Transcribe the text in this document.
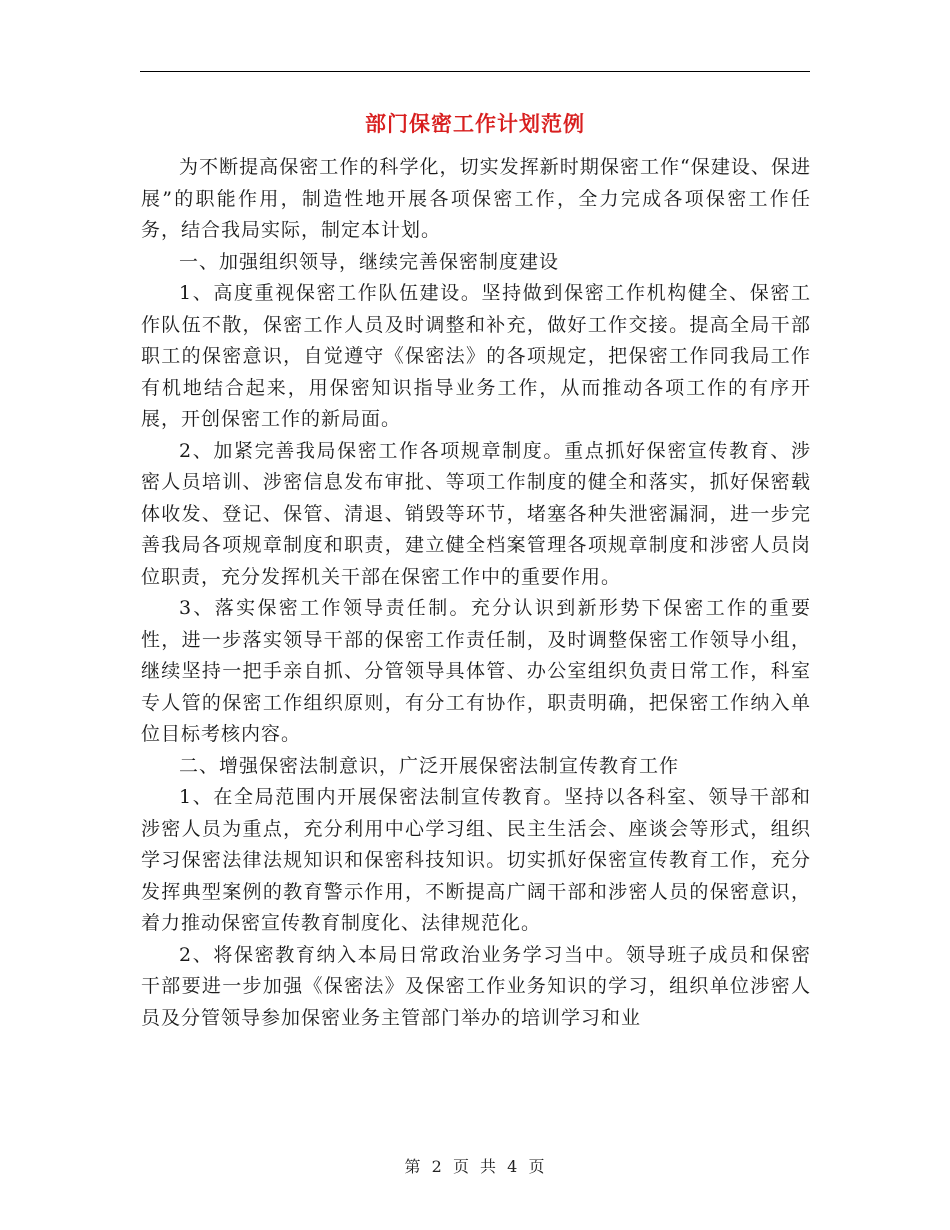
部门保密工作计划范例

为不断提高保密工作的科学化，切实发挥新时期保密工作“保建设、保进展”的职能作用，制造性地开展各项保密工作，全力完成各项保密工作任务，结合我局实际，制定本计划。

一、加强组织领导，继续完善保密制度建设

1、高度重视保密工作队伍建设。坚持做到保密工作机构健全、保密工作队伍不散，保密工作人员及时调整和补充，做好工作交接。提高全局干部职工的保密意识，自觉遵守《保密法》的各项规定，把保密工作同我局工作有机地结合起来，用保密知识指导业务工作，从而推动各项工作的有序开展，开创保密工作的新局面。

2、加紧完善我局保密工作各项规章制度。重点抓好保密宣传教育、涉密人员培训、涉密信息发布审批、等项工作制度的健全和落实，抓好保密载体收发、登记、保管、清退、销毁等环节，堵塞各种失泄密漏洞，进一步完善我局各项规章制度和职责，建立健全档案管理各项规章制度和涉密人员岗位职责，充分发挥机关干部在保密工作中的重要作用。

3、落实保密工作领导责任制。充分认识到新形势下保密工作的重要性，进一步落实领导干部的保密工作责任制，及时调整保密工作领导小组，继续坚持一把手亲自抓、分管领导具体管、办公室组织负责日常工作，科室专人管的保密工作组织原则，有分工有协作，职责明确，把保密工作纳入单位目标考核内容。

二、增强保密法制意识，广泛开展保密法制宣传教育工作

1、在全局范围内开展保密法制宣传教育。坚持以各科室、领导干部和涉密人员为重点，充分利用中心学习组、民主生活会、座谈会等形式，组织学习保密法律法规知识和保密科技知识。切实抓好保密宣传教育工作，充分发挥典型案例的教育警示作用，不断提高广阔干部和涉密人员的保密意识，着力推动保密宣传教育制度化、法律规范化。

2、将保密教育纳入本局日常政治业务学习当中。领导班子成员和保密干部要进一步加强《保密法》及保密工作业务知识的学习，组织单位涉密人员及分管领导参加保密业务主管部门举办的培训学习和业

第 2 页 共 4 页
